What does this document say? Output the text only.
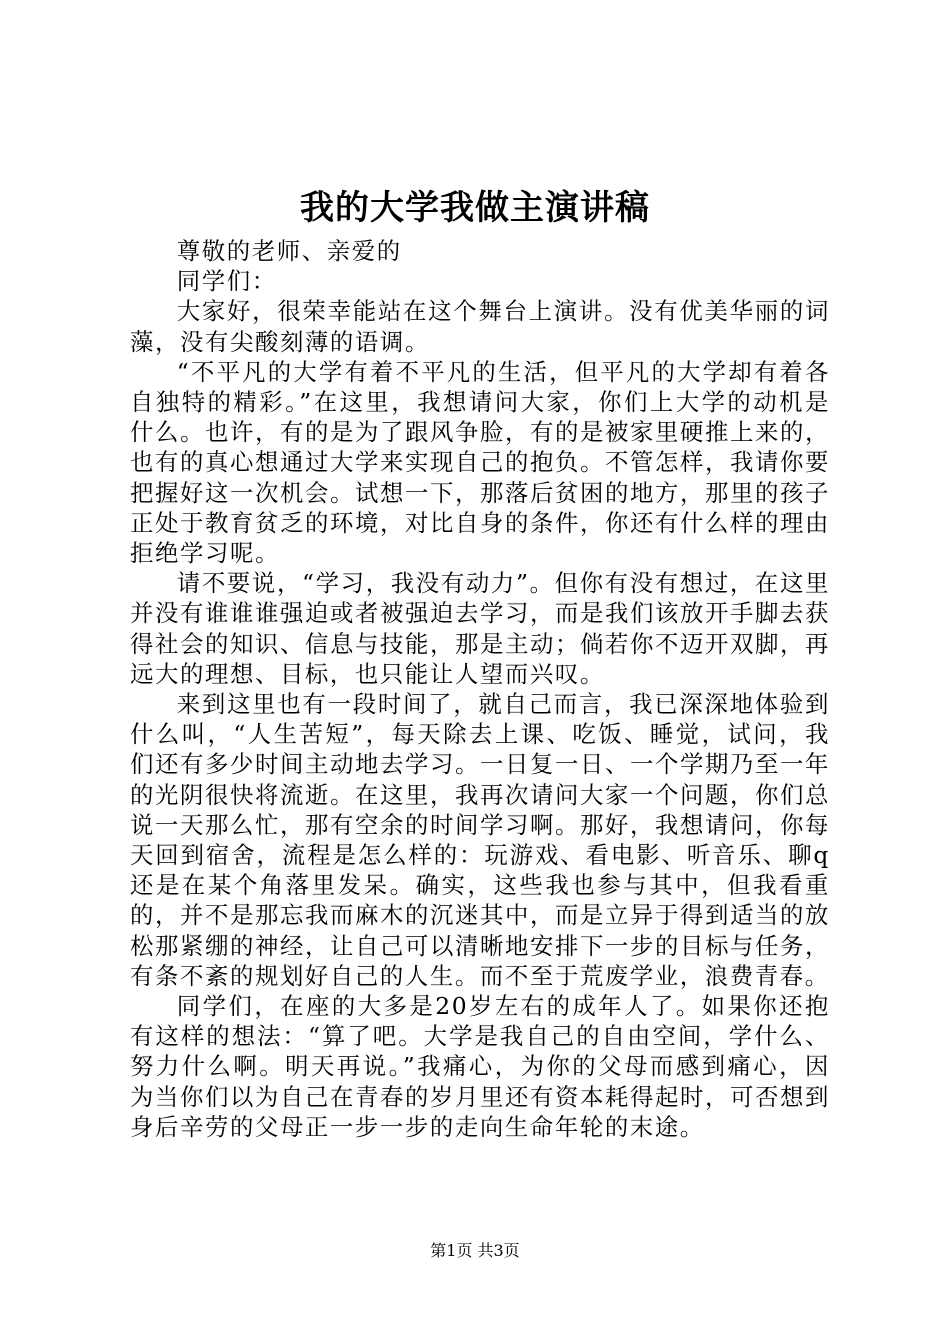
我的大学我做主演讲稿

尊敬的老师、亲爱的

同学们：

大家好，很荣幸能站在这个舞台上演讲。没有优美华丽的词藻，没有尖酸刻薄的语调。

“不平凡的大学有着不平凡的生活，但平凡的大学却有着各自独特的精彩。”在这里，我想请问大家，你们上大学的动机是什么。也许，有的是为了跟风争脸，有的是被家里硬推上来的，也有的真心想通过大学来实现自己的抱负。不管怎样，我请你要把握好这一次机会。试想一下，那落后贫困的地方，那里的孩子正处于教育贫乏的环境，对比自身的条件，你还有什么样的理由拒绝学习呢。

请不要说，“学习，我没有动力”。但你有没有想过，在这里并没有谁谁谁强迫或者被强迫去学习，而是我们该放开手脚去获得社会的知识、信息与技能，那是主动；倘若你不迈开双脚，再远大的理想、目标，也只能让人望而兴叹。

来到这里也有一段时间了，就自己而言，我已深深地体验到什么叫，“人生苦短”，每天除去上课、吃饭、睡觉，试问，我们还有多少时间主动地去学习。一日复一日、一个学期乃至一年的光阴很快将流逝。在这里，我再次请问大家一个问题，你们总说一天那么忙，那有空余的时间学习啊。那好，我想请问，你每天回到宿舍，流程是怎么样的：玩游戏、看电影、听音乐、聊q还是在某个角落里发呆。确实，这些我也参与其中，但我看重的，并不是那忘我而麻木的沉迷其中，而是立异于得到适当的放松那紧绷的神经，让自己可以清晰地安排下一步的目标与任务，有条不紊的规划好自己的人生。而不至于荒废学业，浪费青春。

同学们，在座的大多是20岁左右的成年人了。如果你还抱有这样的想法：“算了吧。大学是我自己的自由空间，学什么、努力什么啊。明天再说。”我痛心，为你的父母而感到痛心，因为当你们以为自己在青春的岁月里还有资本耗得起时，可否想到身后辛劳的父母正一步一步的走向生命年轮的末途。

第1页 共3页
